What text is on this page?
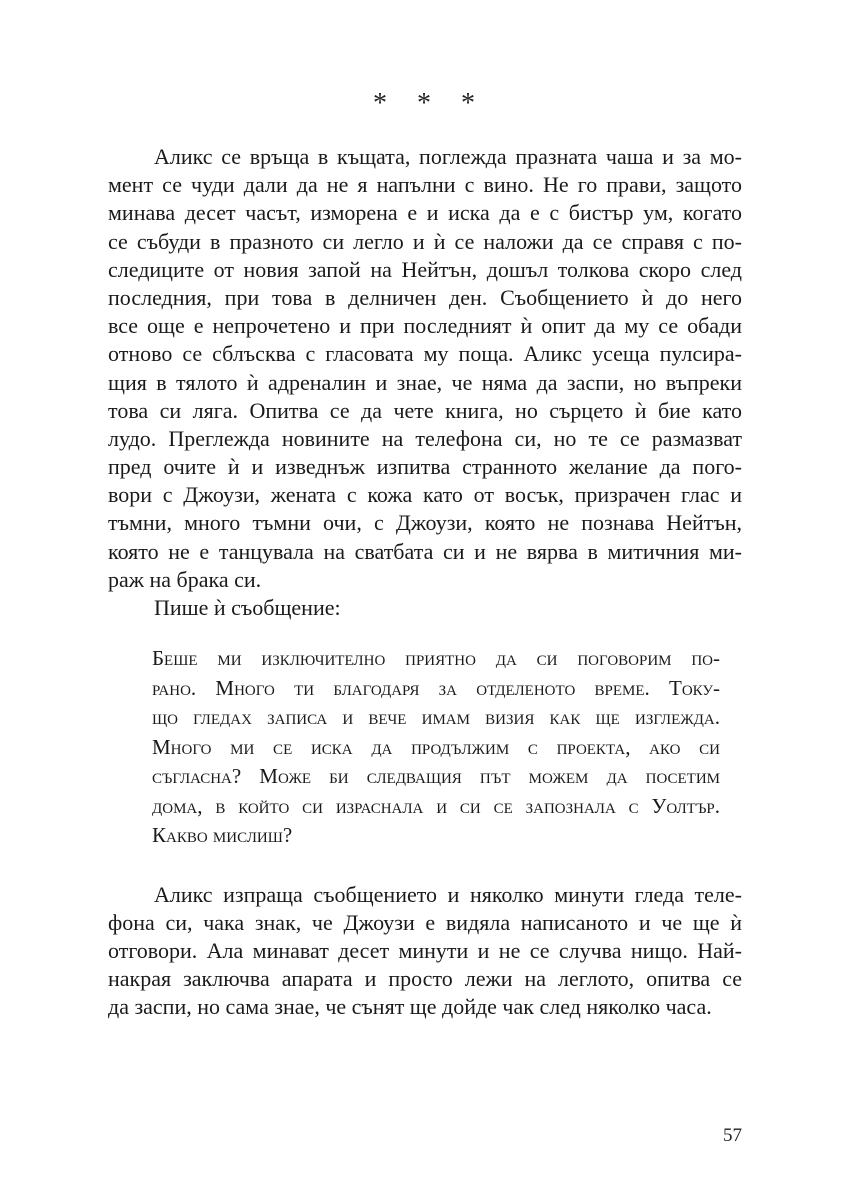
* * *
Аликс се връща в къщата, поглежда празната чаша и за мо-
мент се чуди дали да не я напълни с вино. Не го прави, защото
минава десет часът, изморена е и иска да е с бистър ум, когато
се събуди в празното си легло и ѝ се наложи да се справя с по-
следиците от новия запой на Нейтън, дошъл толкова скоро след
последния, при това в делничен ден. Съобщението ѝ до него
все още е непрочетено и при последният ѝ опит да му се обади
отново се сблъсква с гласовата му поща. Аликс усеща пулсира-
щия в тялото ѝ адреналин и знае, че няма да заспи, но въпреки
това си ляга. Опитва се да чете книга, но сърцето ѝ бие като
лудо. Преглежда новините на телефона си, но те се размазват
пред очите ѝ и изведнъж изпитва странното желание да пого-
вори с Джоузи, жената с кожа като от восък, призрачен глас и
тъмни, много тъмни очи, с Джоузи, която не познава Нейтън,
която не е танцувала на сватбата си и не вярва в митичния ми-
раж на брака си.
Пише ѝ съобщение:
Беше ми изключително приятно да си поговорим по-
рано. Много ти благодаря за отделеното време. Току-
що гледах записа и вече имам визия как ще изглежда.
Много ми се иска да продължим с проекта, ако си
съгласна? Може би следващия път можем да посетим
дома, в който си израснала и си се запознала с Уолтър.
Какво мислиш?
Аликс изпраща съобщението и няколко минути гледа теле-
фона си, чака знак, че Джоузи е видяла написаното и че ще ѝ
отговори. Ала минават десет минути и не се случва нищо. Най-
накрая заключва апарата и просто лежи на леглото, опитва се
да заспи, но сама знае, че сънят ще дойде чак след няколко часа.
57
